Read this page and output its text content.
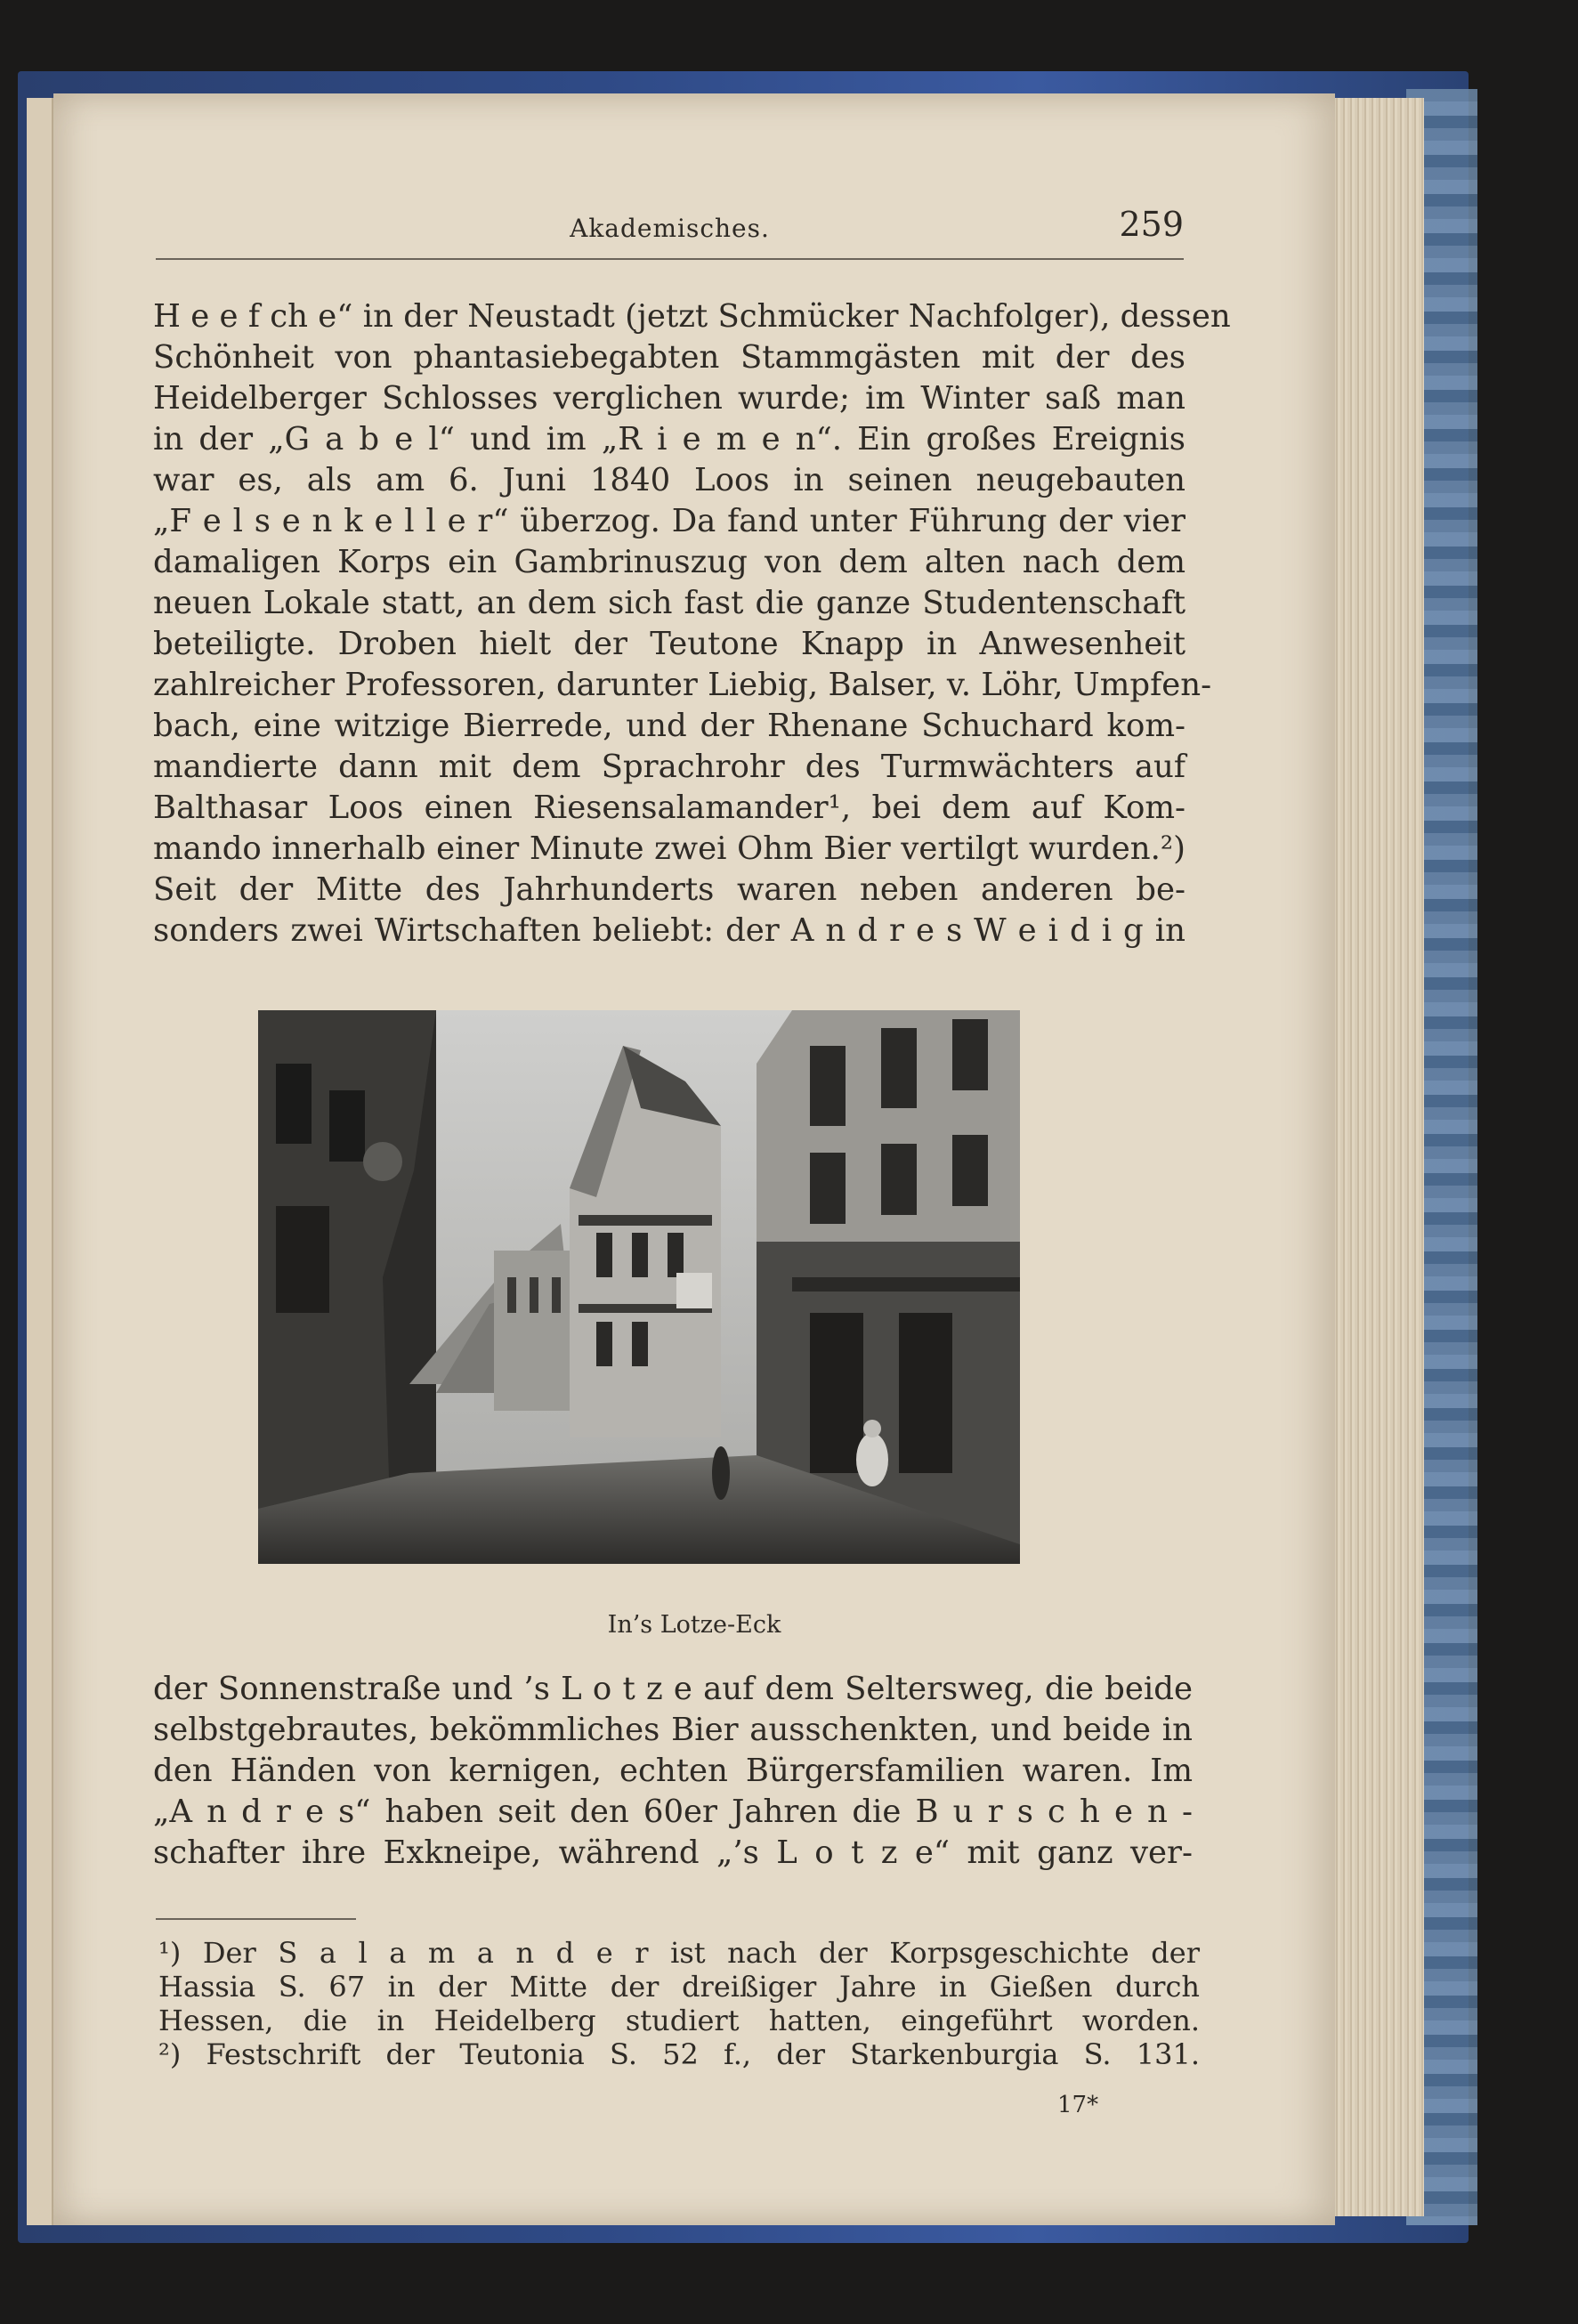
Akademisches.	259
H e e f ch e“ in der Neustadt (jetzt Schmücker Nachfolger), dessen
Schönheit von phantasiebegabten Stammgästen mit der des
Heidelberger Schlosses verglichen wurde; im Winter saß man
in der „G a b e l“ und im „R i e m e n“. Ein großes Ereignis
war es, als am 6. Juni 1840 Loos in seinen neugebauten
„F e l s e n k e l l e r“ überzog. Da fand unter Führung der vier
damaligen Korps ein Gambrinuszug von dem alten nach dem
neuen Lokale statt, an dem sich fast die ganze Studentenschaft
beteiligte. Droben hielt der Teutone Knapp in Anwesenheit
zahlreicher Professoren, darunter Liebig, Balser, v. Löhr, Umpfen-
bach, eine witzige Bierrede, und der Rhenane Schuchard kom-
mandierte dann mit dem Sprachrohr des Turmwächters auf
Balthasar Loos einen Riesensalamander¹, bei dem auf Kom-
mando innerhalb einer Minute zwei Ohm Bier vertilgt wurden.²)
Seit der Mitte des Jahrhunderts waren neben anderen be-
sonders zwei Wirtschaften beliebt: der A n d r e s W e i d i g in
In’s Lotze-Eck
der Sonnenstraße und ’s L o t z e auf dem Seltersweg, die beide
selbstgebrautes, bekömmliches Bier ausschenkten, und beide in
den Händen von kernigen, echten Bürgersfamilien waren. Im
„A n d r e s“ haben seit den 60er Jahren die B u r s c h e n -
schafter ihre Exkneipe, während „’s L o t z e“ mit ganz ver-
¹) Der S a l a m a n d e r ist nach der Korpsgeschichte der
Hassia S. 67 in der Mitte der dreißiger Jahre in Gießen durch
Hessen, die in Heidelberg studiert hatten, eingeführt worden.
²) Festschrift der Teutonia S. 52 f., der Starkenburgia S. 131.
17*
